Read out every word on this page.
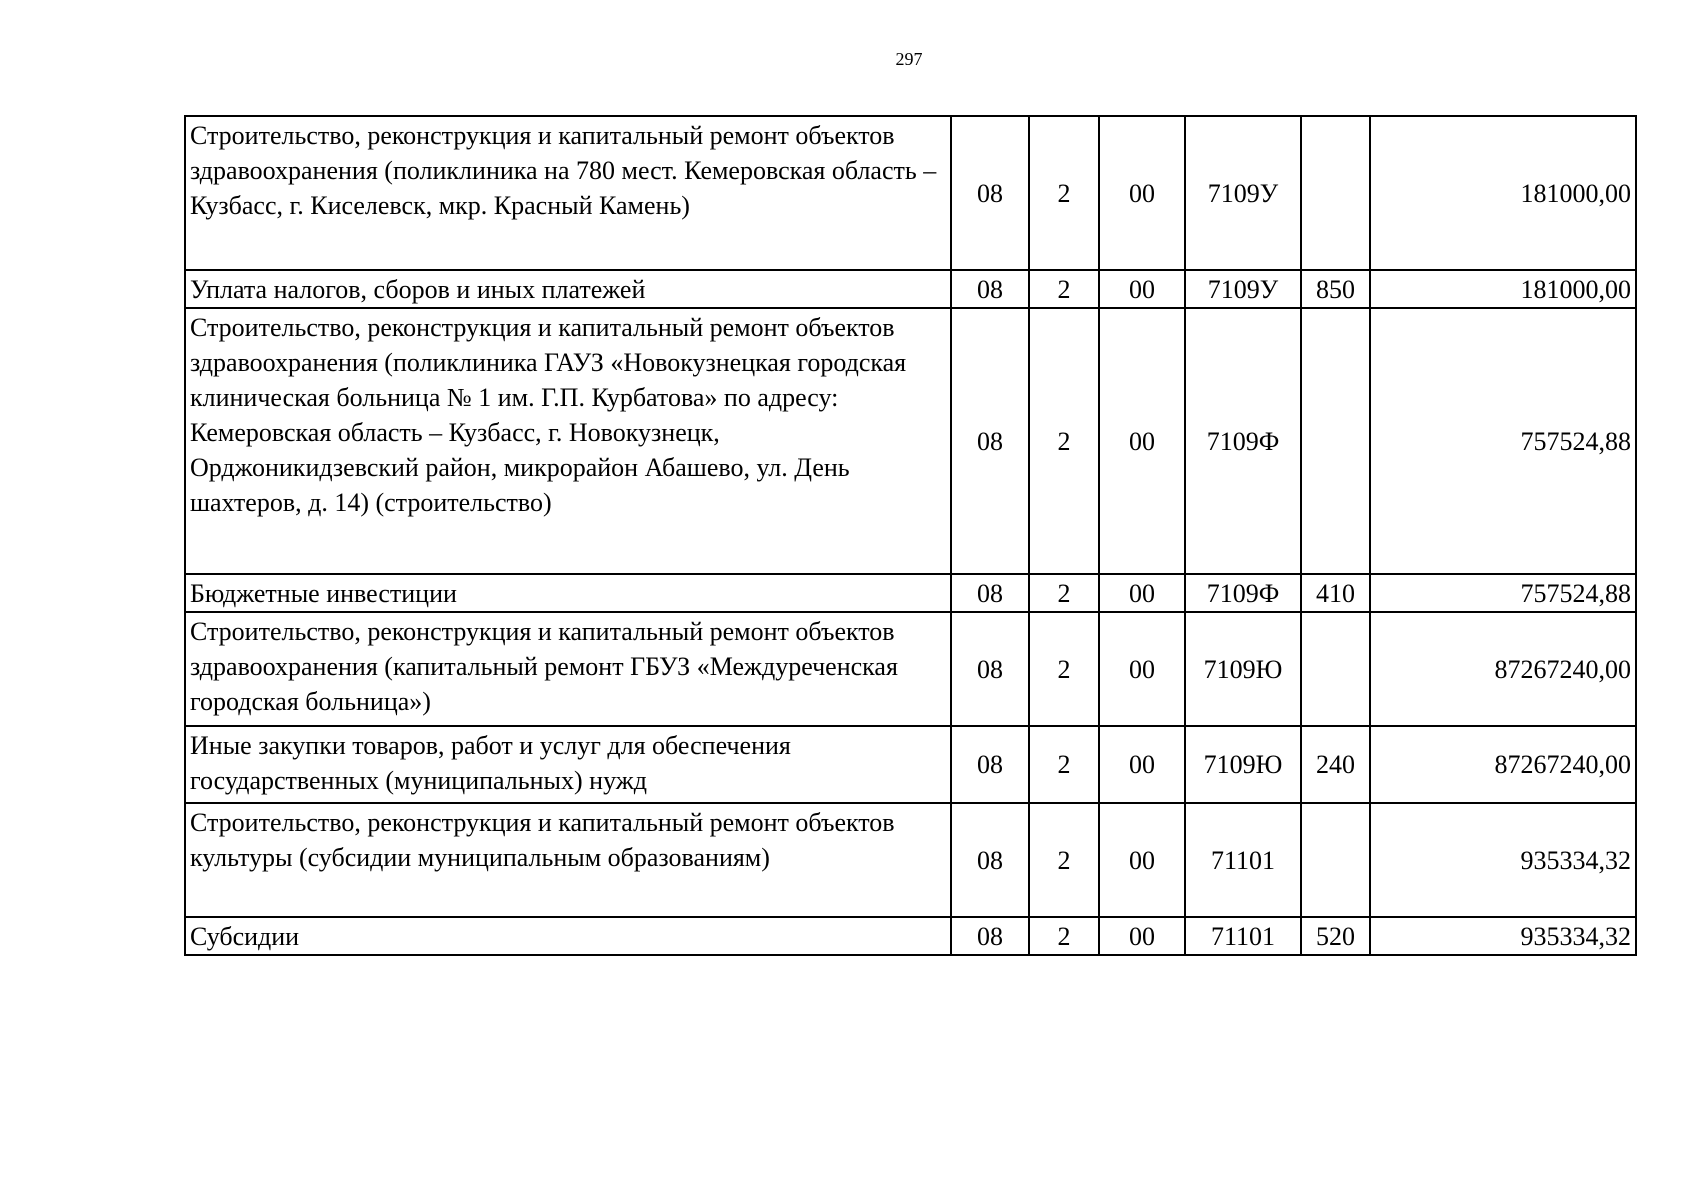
297
Строительство, реконструкция и капитальный ремонт объектов здравоохранения (поликлиника на 780 мест. Кемеровская область – Кузбасс, г. Киселевск, мкр. Красный Камень)	08	2	00	7109У		181000,00
Уплата налогов, сборов и иных платежей	08	2	00	7109У	850	181000,00
Строительство, реконструкция и капитальный ремонт объектов здравоохранения (поликлиника ГАУЗ «Новокузнецкая городская клиническая больница № 1 им. Г.П. Курбатова» по адресу: Кемеровская область – Кузбасс, г. Новокузнецк, Орджоникидзевский район, микрорайон Абашево, ул. День шахтеров, д. 14) (строительство)	08	2	00	7109Ф		757524,88
Бюджетные инвестиции	08	2	00	7109Ф	410	757524,88
Строительство, реконструкция и капитальный ремонт объектов здравоохранения (капитальный ремонт ГБУЗ «Междуреченская городская больница»)	08	2	00	7109Ю		87267240,00
Иные закупки товаров, работ и услуг для обеспечения государственных (муниципальных) нужд	08	2	00	7109Ю	240	87267240,00
Строительство, реконструкция и капитальный ремонт объектов культуры (субсидии муниципальным образованиям)	08	2	00	71101		935334,32
Субсидии	08	2	00	71101	520	935334,32
